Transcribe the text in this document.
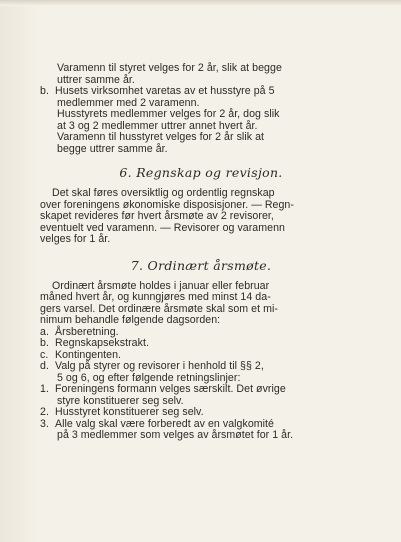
Varamenn til styret velges for 2 år, slik at begge
uttrer samme år.
b. Husets virksomhet varetas av et husstyre på 5
medlemmer med 2 varamenn.
Husstyrets medlemmer velges for 2 år, dog slik
at 3 og 2 medlemmer uttrer annet hvert år.
Varamenn til husstyret velges for 2 år slik at
begge uttrer samme år.
6. Regnskap og revisjon.
Det skal føres oversiktlig og ordentlig regnskap
over foreningens økonomiske disposisjoner. — Regn-
skapet revideres før hvert årsmøte av 2 revisorer,
eventuelt ved varamenn. — Revisorer og varamenn
velges for 1 år.
7. Ordinært årsmøte.
Ordinært årsmøte holdes i januar eller februar
måned hvert år, og kunngjøres med minst 14 da-
gers varsel. Det ordinære årsmøte skal som et mi-
nimum behandle følgende dagsorden:
a. Årsberetning.
b. Regnskapsekstrakt.
c. Kontingenten.
d. Valg på styrer og revisorer i henhold til §§ 2,
5 og 6, og efter følgende retningslinjer:
1. Foreningens formann velges særskilt. Det øvrige
styre konstituerer seg selv.
2. Husstyret konstituerer seg selv.
3. Alle valg skal være forberedt av en valgkomité
på 3 medlemmer som velges av årsmøtet for 1 år.
